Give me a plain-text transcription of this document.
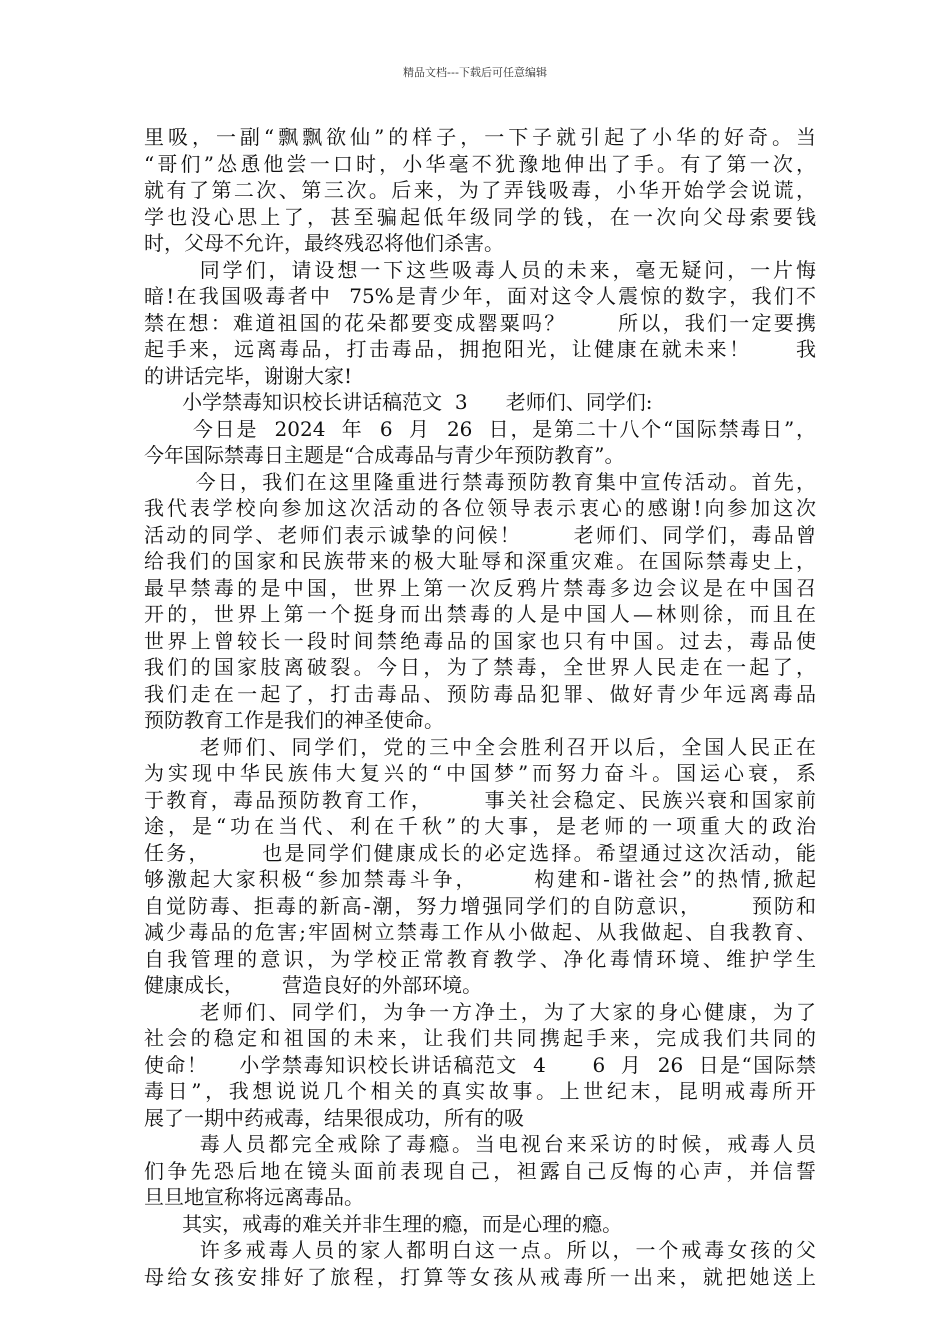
精品文档---下载后可任意编辑
里吸，一副“飘飘欲仙”的样子，一下子就引起了小华的好奇。当
“哥们”怂恿他尝一口时，小华毫不犹豫地伸出了手。有了第一次，
就有了第二次、第三次。后来，为了弄钱吸毒，小华开始学会说谎，
学也没心思上了，甚至骗起低年级同学的钱，在一次向父母索要钱
时，父母不允许，最终残忍将他们杀害。
同学们，请设想一下这些吸毒人员的未来，毫无疑问，一片悔
暗!在我国吸毒者中  75%是青少年，面对这令人震惊的数字，我们不
禁在想：难道祖国的花朵都要变成罂粟吗？      所以，我们一定要携
起手来，远离毒品，打击毒品，拥抱阳光，让健康在就未来！     我
的讲话完毕，谢谢大家!
小学禁毒知识校长讲话稿范文  3      老师们、同学们:
今日是  2024  年  6  月  26  日，是第二十八个“国际禁毒日”，
今年国际禁毒日主题是“合成毒品与青少年预防教育”。
今日，我们在这里隆重进行禁毒预防教育集中宣传活动。首先，
我代表学校向参加这次活动的各位领导表示衷心的感谢!向参加这次
活动的同学、老师们表示诚挚的问候！      老师们、同学们，毒品曾
给我们的国家和民族带来的极大耻辱和深重灾难。在国际禁毒史上，
最早禁毒的是中国，世界上第一次反鸦片禁毒多边会议是在中国召
开的，世界上第一个挺身而出禁毒的人是中国人—林则徐，而且在
世界上曾较长一段时间禁绝毒品的国家也只有中国。过去，毒品使
我们的国家肢离破裂。今日，为了禁毒，全世界人民走在一起了，
我们走在一起了，打击毒品、预防毒品犯罪、做好青少年远离毒品
预防教育工作是我们的神圣使命。
老师们、同学们，党的三中全会胜利召开以后，全国人民正在
为实现中华民族伟大复兴的“中国梦”而努力奋斗。国运心衰，系
于教育，毒品预防教育工作，      事关社会稳定、民族兴衰和国家前
途，是“功在当代、利在千秋”的大事，是老师的一项重大的政治
任务，      也是同学们健康成长的必定选择。希望通过这次活动，能
够激起大家积极“参加禁毒斗争，      构建和-谐社会”的热情,掀起
自觉防毒、拒毒的新高-潮，努力增强同学们的自防意识，      预防和
减少毒品的危害;牢固树立禁毒工作从小做起、从我做起、自我教育、
自我管理的意识，为学校正常教育教学、净化毒情环境、维护学生
健康成长，      营造良好的外部环境。
老师们、同学们，为争一方净土，为了大家的身心健康，为了
社会的稳定和祖国的未来，让我们共同携起手来，完成我们共同的
使命！    小学禁毒知识校长讲话稿范文  4      6  月  26  日是“国际禁
毒日”，我想说说几个相关的真实故事。上世纪末，昆明戒毒所开
展了一期中药戒毒，结果很成功，所有的吸
毒人员都完全戒除了毒瘾。当电视台来采访的时候，戒毒人员
们争先恐后地在镜头面前表现自己，袒露自己反悔的心声，并信誓
旦旦地宣称将远离毒品。
其实，戒毒的难关并非生理的瘾，而是心理的瘾。
许多戒毒人员的家人都明白这一点。所以，一个戒毒女孩的父
母给女孩安排好了旅程，打算等女孩从戒毒所一出来，就把她送上
